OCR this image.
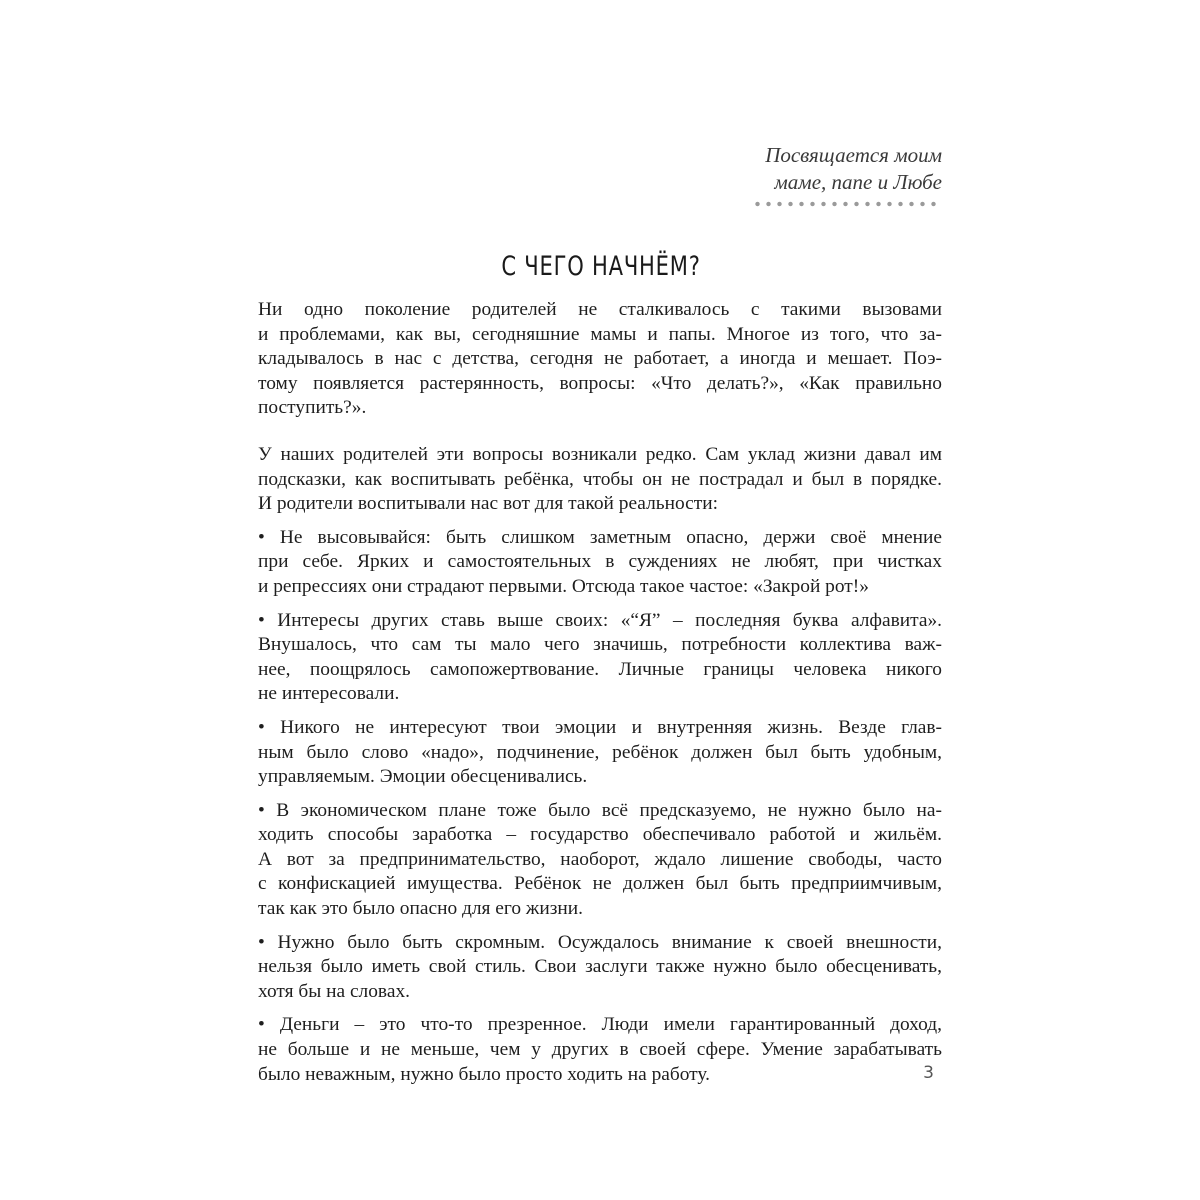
Посвящается моим
маме, папе и Любе
С ЧЕГО НАЧНЁМ?

Ни одно поколение родителей не сталкивалось с такими вызовами
и проблемами, как вы, сегодняшние мамы и папы. Многое из того, что за-
кладывалось в нас с детства, сегодня не работает, а иногда и мешает. Поэ-
тому появляется растерянность, вопросы: «Что делать?», «Как правильно
поступить?».

У наших родителей эти вопросы возникали редко. Сам уклад жизни давал им
подсказки, как воспитывать ребёнка, чтобы он не пострадал и был в порядке.
И родители воспитывали нас вот для такой реальности:

• Не высовывайся: быть слишком заметным опасно, держи своё мнение
при себе. Ярких и самостоятельных в суждениях не любят, при чистках
и репрессиях они страдают первыми. Отсюда такое частое: «Закрой рот!»

• Интересы других ставь выше своих: «“Я” – последняя буква алфавита».
Внушалось, что сам ты мало чего значишь, потребности коллектива важ-
нее, поощрялось самопожертвование. Личные границы человека никого
не интересовали.

• Никого не интересуют твои эмоции и внутренняя жизнь. Везде глав-
ным было слово «надо», подчинение, ребёнок должен был быть удобным,
управляемым. Эмоции обесценивались.

• В экономическом плане тоже было всё предсказуемо, не нужно было на-
ходить способы заработка – государство обеспечивало работой и жильём.
А вот за предпринимательство, наоборот, ждало лишение свободы, часто
с конфискацией имущества. Ребёнок не должен был быть предприимчивым,
так как это было опасно для его жизни.

• Нужно было быть скромным. Осуждалось внимание к своей внешности,
нельзя было иметь свой стиль. Свои заслуги также нужно было обесценивать,
хотя бы на словах.

• Деньги – это что-то презренное. Люди имели гарантированный доход,
не больше и не меньше, чем у других в своей сфере. Умение зарабатывать
было неважным, нужно было просто ходить на работу.	3
